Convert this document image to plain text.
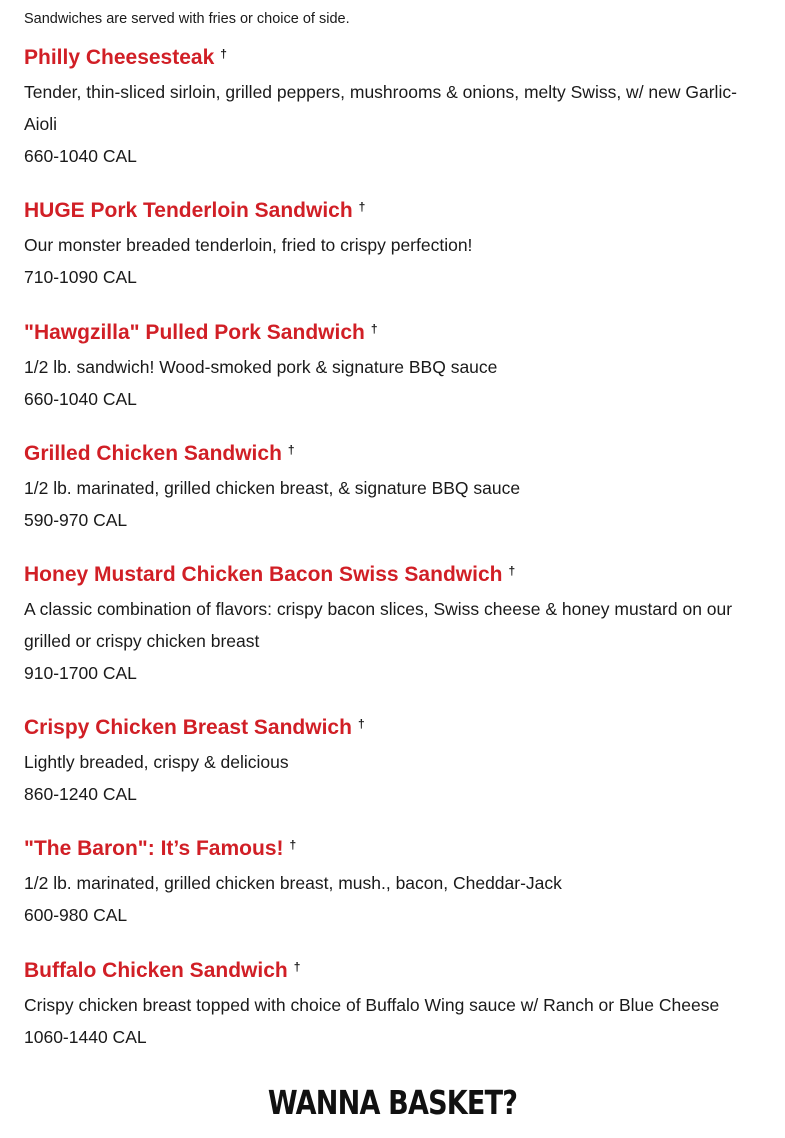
Sandwiches are served with fries or choice of side.
Philly Cheesesteak †

Tender, thin-sliced sirloin, grilled peppers, mushrooms & onions, melty Swiss, w/ new Garlic-Aioli

660-1040 CAL

HUGE Pork Tenderloin Sandwich †

Our monster breaded tenderloin, fried to crispy perfection!

710-1090 CAL

"Hawgzilla" Pulled Pork Sandwich †

1/2 lb. sandwich! Wood-smoked pork & signature BBQ sauce

660-1040 CAL

Grilled Chicken Sandwich †

1/2 lb. marinated, grilled chicken breast, & signature BBQ sauce

590-970 CAL

Honey Mustard Chicken Bacon Swiss Sandwich †

A classic combination of flavors: crispy bacon slices, Swiss cheese & honey mustard on our grilled or crispy chicken breast

910-1700 CAL

Crispy Chicken Breast Sandwich †

Lightly breaded, crispy & delicious

860-1240 CAL

"The Baron": It’s Famous! †

1/2 lb. marinated, grilled chicken breast, mush., bacon, Cheddar-Jack

600-980 CAL

Buffalo Chicken Sandwich †

Crispy chicken breast topped with choice of Buffalo Wing sauce w/ Ranch or Blue Cheese

1060-1440 CAL

WANNA BASKET?
